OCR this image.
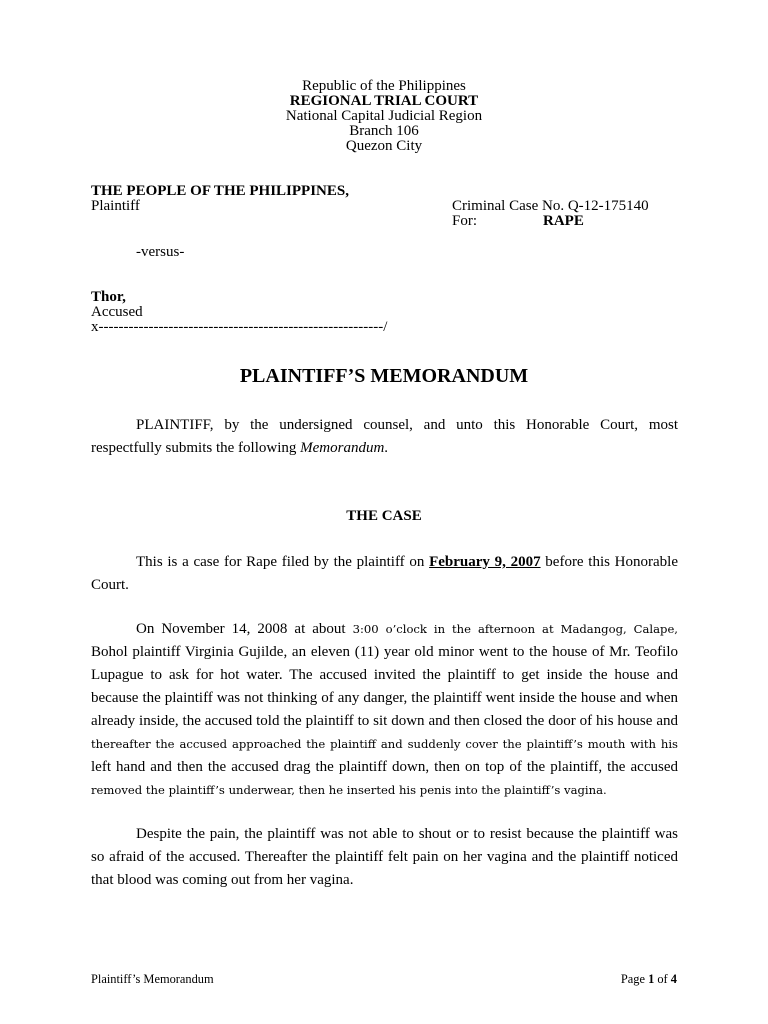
Republic of the Philippines
REGIONAL TRIAL COURT
National Capital Judicial Region
Branch 106
Quezon City
THE PEOPLE OF THE PHILIPPINES,
Plaintiff	Criminal Case No. Q-12-175140
For:	RAPE
-versus-
Thor,
Accused
x---------------------------------------------------------/
PLAINTIFF’S MEMORANDUM
PLAINTIFF, by the undersigned counsel, and unto this Honorable Court, most
respectfully submits the following Memorandum.
THE CASE
This is a case for Rape filed by the plaintiff on February 9, 2007 before this Honorable
Court.
On November 14, 2008 at about 3:00 o’clock in the afternoon at Madangog, Calape,
Bohol plaintiff Virginia Gujilde, an eleven (11) year old minor went to the house of Mr. Teofilo
Lupague to ask for hot water. The accused invited the plaintiff to get inside the house and
because the plaintiff was not thinking of any danger, the plaintiff went inside the house and when
already inside, the accused told the plaintiff to sit down and then closed the door of his house and
thereafter the accused approached the plaintiff and suddenly cover the plaintiff’s mouth with his
left hand and then the accused drag the plaintiff down, then on top of the plaintiff, the accused
removed the plaintiff’s underwear, then he inserted his penis into the plaintiff’s vagina.
Despite the pain, the plaintiff was not able to shout or to resist because the plaintiff was
so afraid of the accused. Thereafter the plaintiff felt pain on her vagina and the plaintiff noticed
that blood was coming out from her vagina.
Plaintiff’s Memorandum	Page 1 of 4
